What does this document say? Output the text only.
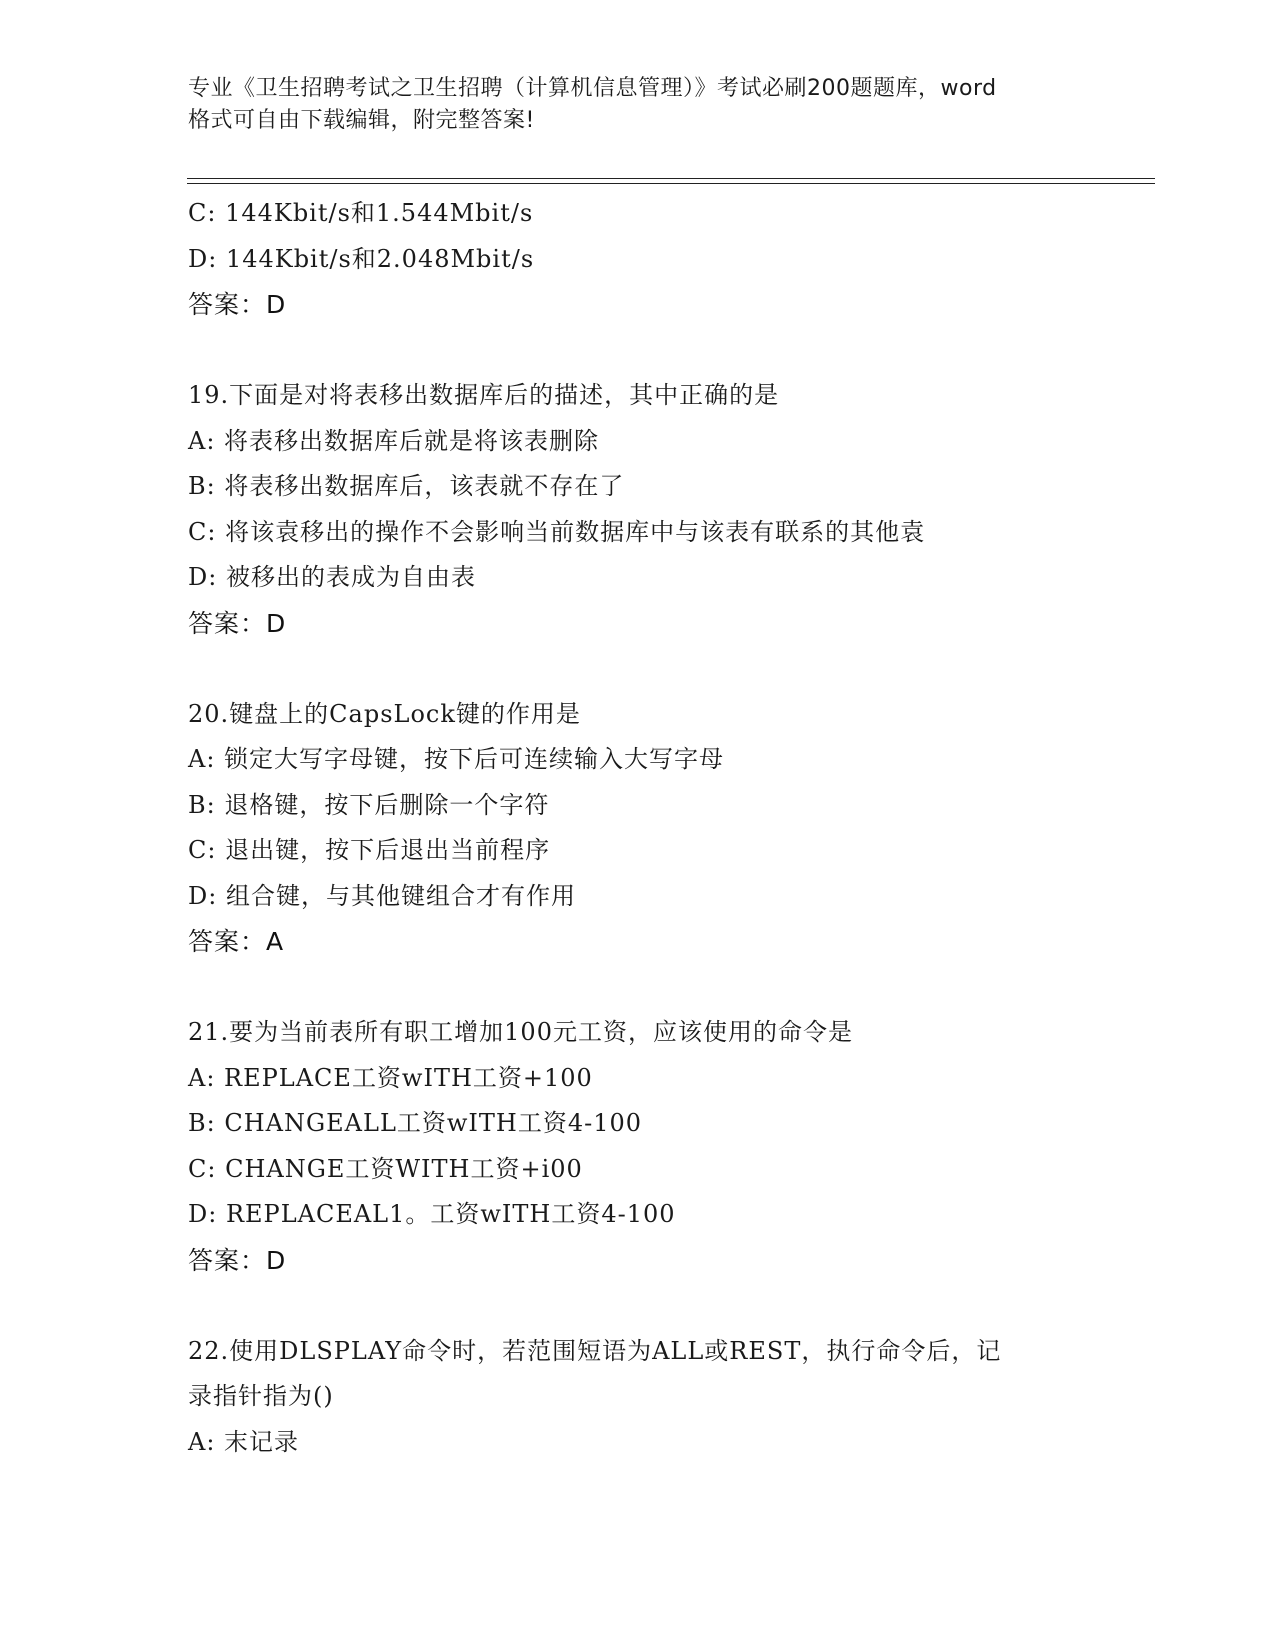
专业《卫生招聘考试之卫生招聘（计算机信息管理）》考试必刷200题题库，word
格式可自由下载编辑，附完整答案!
C: 144Kbit/s和1.544Mbit/s
D: 144Kbit/s和2.048Mbit/s
答案：D
19.下面是对将表移出数据库后的描述，其中正确的是
A: 将表移出数据库后就是将该表删除
B: 将表移出数据库后，该表就不存在了
C: 将该袁移出的操作不会影响当前数据库中与该表有联系的其他袁
D: 被移出的表成为自由表
答案：D
20.键盘上的CapsLock键的作用是
A: 锁定大写字母键，按下后可连续输入大写字母
B: 退格键，按下后删除一个字符
C: 退出键，按下后退出当前程序
D: 组合键，与其他键组合才有作用
答案：A
21.要为当前表所有职工增加100元工资，应该使用的命令是
A: REPLACE工资wITH工资+100
B: CHANGEALL工资wITH工资4-100
C: CHANGE工资WITH工资+i00
D: REPLACEAL1。工资wITH工资4-100
答案：D
22.使用DLSPLAY命令时，若范围短语为ALL或REST，执行命令后，记
录指针指为()
A: 末记录
